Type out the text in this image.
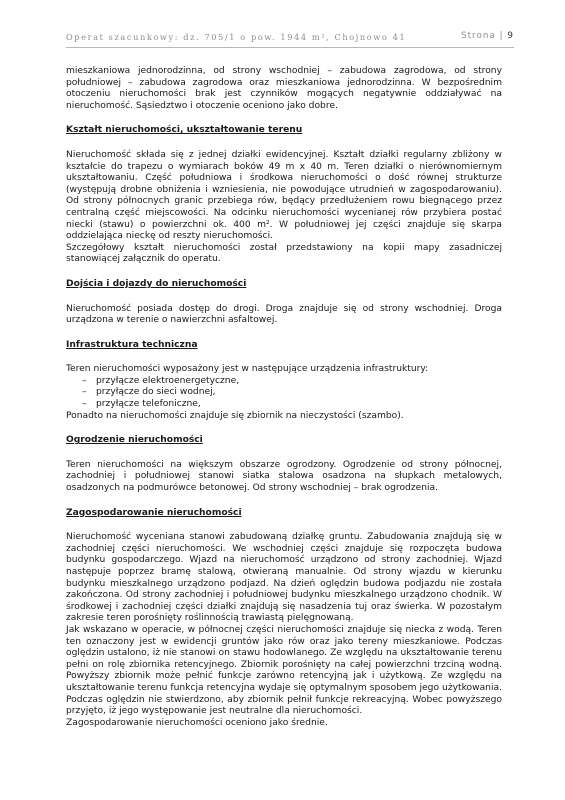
Operat szacunkowy: dz. 705/1 o pow. 1944 m², Chojnowo 41	Strona | 9

mieszkaniowa jednorodzinna, od strony wschodniej – zabudowa zagrodowa, od strony południowej – zabudowa zagrodowa oraz mieszkaniowa jednorodzinna. W bezpośrednim otoczeniu nieruchomości brak jest czynników mogących negatywnie oddziaływać na nieruchomość. Sąsiedztwo i otoczenie oceniono jako dobre.

Kształt nieruchomości, ukształtowanie terenu

Nieruchomość składa się z jednej działki ewidencyjnej. Kształt działki regularny zbliżony w kształcie do trapezu o wymiarach boków 49 m x 40 m. Teren działki o nierównomiernym ukształtowaniu. Część południowa i środkowa nieruchomości o dość równej strukturze (występują drobne obniżenia i wzniesienia, nie powodujące utrudnień w zagospodarowaniu). Od strony północnych granic przebiega rów, będący przedłużeniem rowu biegnącego przez centralną część miejscowości. Na odcinku nieruchomości wycenianej rów przybiera postać niecki (stawu) o powierzchni ok. 400 m². W południowej jej części znajduje się skarpa oddzielająca nieckę od reszty nieruchomości.

Szczegółowy kształt nieruchomości został przedstawiony na kopii mapy zasadniczej stanowiącej załącznik do operatu.

Dojścia i dojazdy do nieruchomości

Nieruchomość posiada dostęp do drogi. Droga znajduje się od strony wschodniej. Droga urządzona w terenie o nawierzchni asfaltowej.

Infrastruktura techniczna

Teren nieruchomości wyposażony jest w następujące urządzenia infrastruktury:

– przyłącze elektroenergetyczne,
– przyłącze do sieci wodnej,
– przyłącze telefoniczne,

Ponadto na nieruchomości znajduje się zbiornik na nieczystości (szambo).

Ogrodzenie nieruchomości

Teren nieruchomości na większym obszarze ogrodzony. Ogrodzenie od strony północnej, zachodniej i południowej stanowi siatka stalowa osadzona na słupkach metalowych, osadzonych na podmurówce betonowej. Od strony wschodniej – brak ogrodzenia.

Zagospodarowanie nieruchomości

Nieruchomość wyceniana stanowi zabudowaną działkę gruntu. Zabudowania znajdują się w zachodniej części nieruchomości. We wschodniej części znajduje się rozpoczęta budowa budynku gospodarczego. Wjazd na nieruchomość urządzono od strony zachodniej. Wjazd następuje poprzez bramę stalową, otwieraną manualnie. Od strony wjazdu w kierunku budynku mieszkalnego urządzono podjazd. Na dzień oględzin budowa podjazdu nie została zakończona. Od strony zachodniej i południowej budynku mieszkalnego urządzono chodnik. W środkowej i zachodniej części działki znajdują się nasadzenia tuj oraz świerka. W pozostałym zakresie teren porośnięty roślinnością trawiastą pielęgnowaną.

Jak wskazano w operacie, w północnej części nieruchomości znajduje się niecka z wodą. Teren ten oznaczony jest w ewidencji gruntów jako rów oraz jako tereny mieszkaniowe. Podczas oględzin ustalono, iż nie stanowi on stawu hodowlanego. Ze względu na ukształtowanie terenu pełni on rolę zbiornika retencyjnego. Zbiornik porośnięty na całej powierzchni trzciną wodną. Powyższy zbiornik może pełnić funkcje zarówno retencyjną jak i użytkową. Ze względu na ukształtowanie terenu funkcja retencyjna wydaje się optymalnym sposobem jego użytkowania. Podczas oględzin nie stwierdzono, aby zbiornik pełnił funkcje rekreacyjną. Wobec powyższego przyjęto, iż jego występowanie jest neutralne dla nieruchomości.

Zagospodarowanie nieruchomości oceniono jako średnie.
